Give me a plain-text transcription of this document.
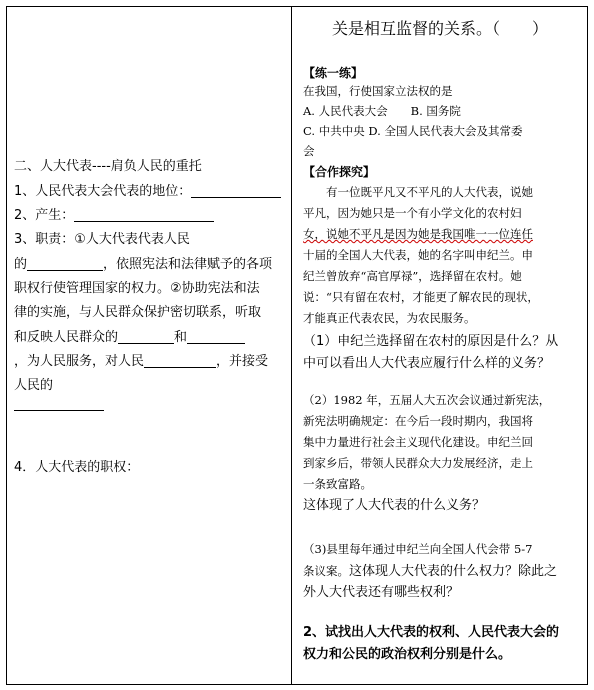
二、人大代表----肩负人民的重托
1、人民代表大会代表的地位：
2、产生：
3、职责：①人大代表代表人民
的	，依照宪法和法律赋予的各项
职权行使管理国家的权力。②协助宪法和法
律的实施，与人民群众保护密切联系，听取
和反映人民群众的	和
，为人民服务，对人民	，并接受
人民的
4．人大代表的职权：
关是相互监督的关系。（　　）
【练一练】
在我国，行使国家立法权的是
A. 人民代表大会　　B. 国务院
C. 中共中央 D. 全国人民代表大会及其常委
会
【合作探究】
　　有一位既平凡又不平凡的人大代表，说她
平凡，因为她只是一个有小学文化的农村妇
女，说她不平凡是因为她是我国唯一一位连任
十届的全国人大代表，她的名字叫申纪兰。申
纪兰曾放弃“高官厚禄”，选择留在农村。她
说：“只有留在农村，才能更了解农民的现状，
才能真正代表农民，为农民服务。
（1）申纪兰选择留在农村的原因是什么？从
中可以看出人大代表应履行什么样的义务？
（2）1982 年，五届人大五次会议通过新宪法，
新宪法明确规定：在今后一段时期内，我国将
集中力量进行社会主义现代化建设。申纪兰回
到家乡后，带领人民群众大力发展经济，走上
一条致富路。
这体现了人大代表的什么义务？
（3)县里每年通过申纪兰向全国人代会带 5-7
条议案。这体现人大代表的什么权力？除此之
外人大代表还有哪些权利？
2、试找出人大代表的权利、人民代表大会的
权力和公民的政治权利分别是什么。
